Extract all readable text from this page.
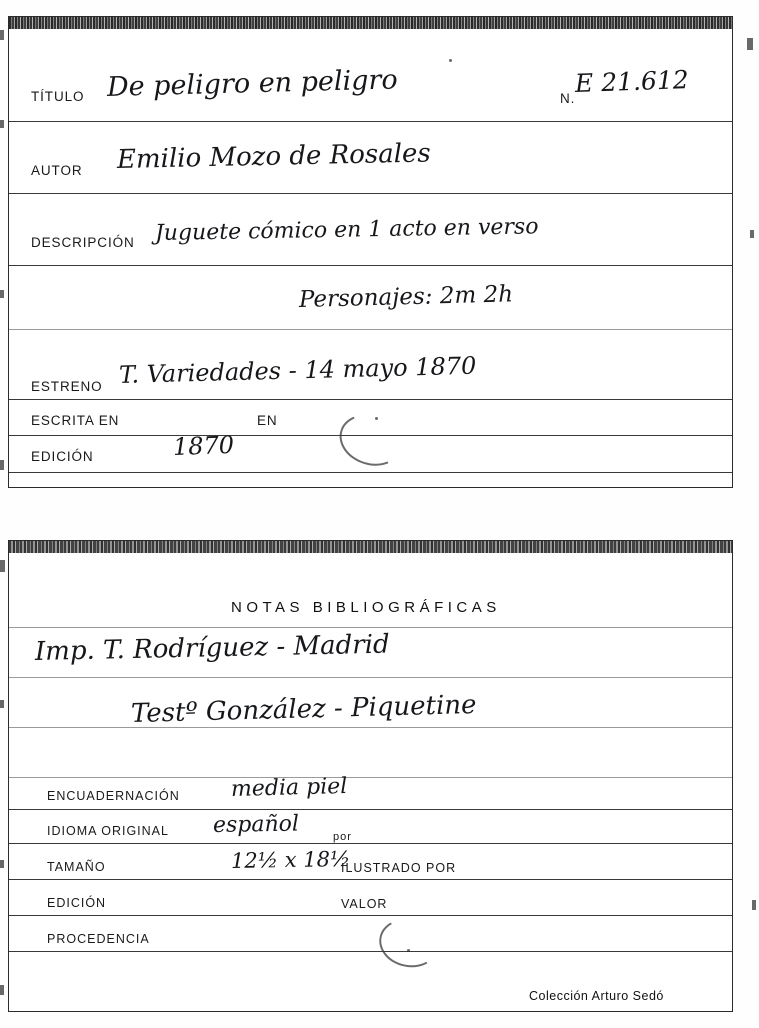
TÍTULO De peligro en peligro	N.
E 21.612
AUTOR Emilio Mozo de Rosales
DESCRIPCIÓN Juguete cómico en 1 acto en verso
Personajes: 2m 2h
ESTRENO T. Variedades - 14 mayo 1870
ESCRITA EN	EN
EDICIÓN	1870
NOTAS BIBLIOGRÁFICAS
Imp. T. Rodríguez - Madrid
Testº González - Piquetine
ENCUADERNACIÓN media piel
IDIOMA ORIGINAL español	por
TAMAÑO	12½ x 18½
ILUSTRADO POR
EDICIÓN	VALOR
PROCEDENCIA
Colección Arturo Sedó
